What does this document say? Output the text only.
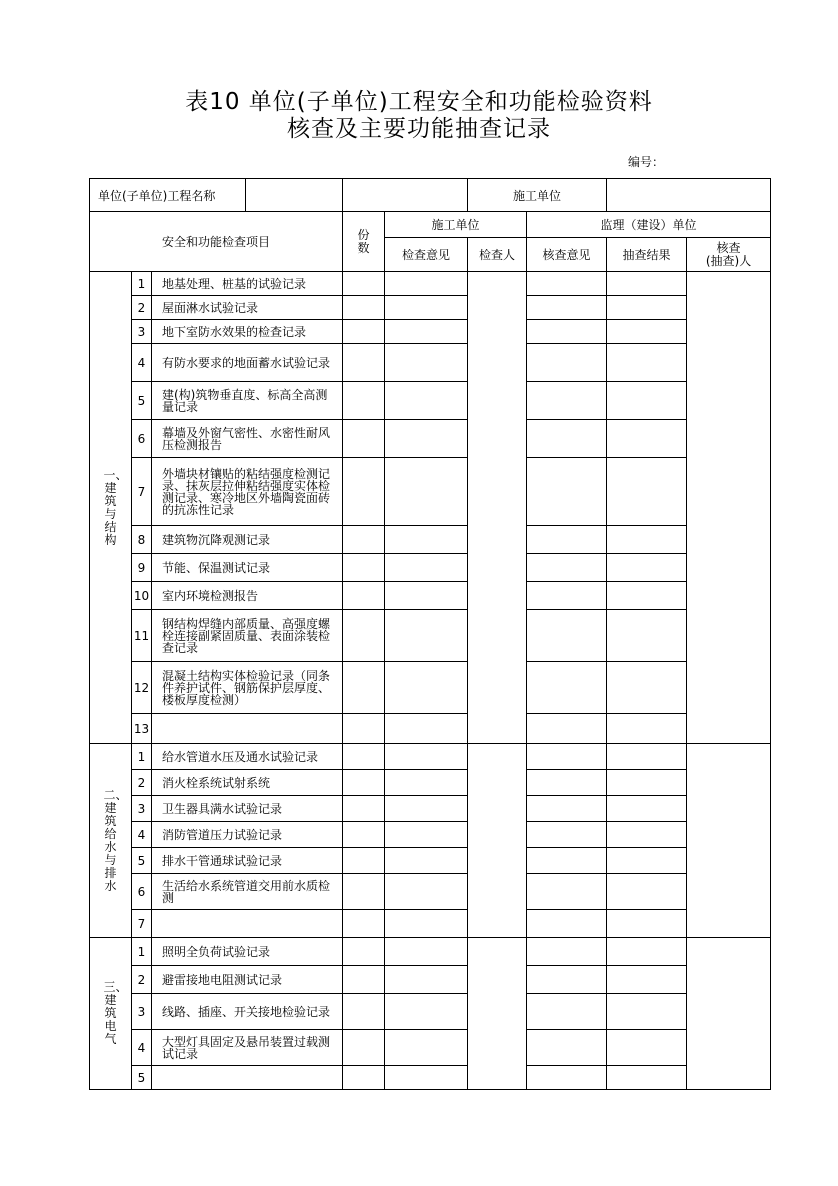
表10 单位(子单位)工程安全和功能检验资料
核查及主要功能抽查记录
编号：
单位(子单位)工程名称					施工单位			
安全和功能检查项目			份数	施工单位		监理（建设）单位		
				检查意见	检查人	核查意见	抽查结果	核查
(抽查)人

一、建筑与结构	1	地基处理、桩基的试验记录						
	2	屋面淋水试验记录						
	3	地下室防水效果的检查记录						
	4	有防水要求的地面蓄水试验记录						
	5	建(构)筑物垂直度、标高全高测量记录						
	6	幕墙及外窗气密性、水密性耐风压检测报告						
	7	外墙块材镶贴的粘结强度检测记录、抹灰层拉伸粘结强度实体检测记录、寒冷地区外墙陶瓷面砖的抗冻性记录						
	8	建筑物沉降观测记录						
	9	节能、保温测试记录						
	10	室内环境检测报告						
	11	钢结构焊缝内部质量、高强度螺栓连接副紧固质量、表面涂装检查记录						
	12	混凝土结构实体检验记录（同条件养护试件、钢筋保护层厚度、楼板厚度检测）						
	13							

二、建筑给水与排水	1	给水管道水压及通水试验记录						
	2	消火栓系统试射系统						
	3	卫生器具满水试验记录						
	4	消防管道压力试验记录						
	5	排水干管通球试验记录						
	6	生活给水系统管道交用前水质检测						
	7							

三、建筑电气	1	照明全负荷试验记录						
	2	避雷接地电阻测试记录						
	3	线路、插座、开关接地检验记录						
	4	大型灯具固定及悬吊装置过载测试记录						
	5							
